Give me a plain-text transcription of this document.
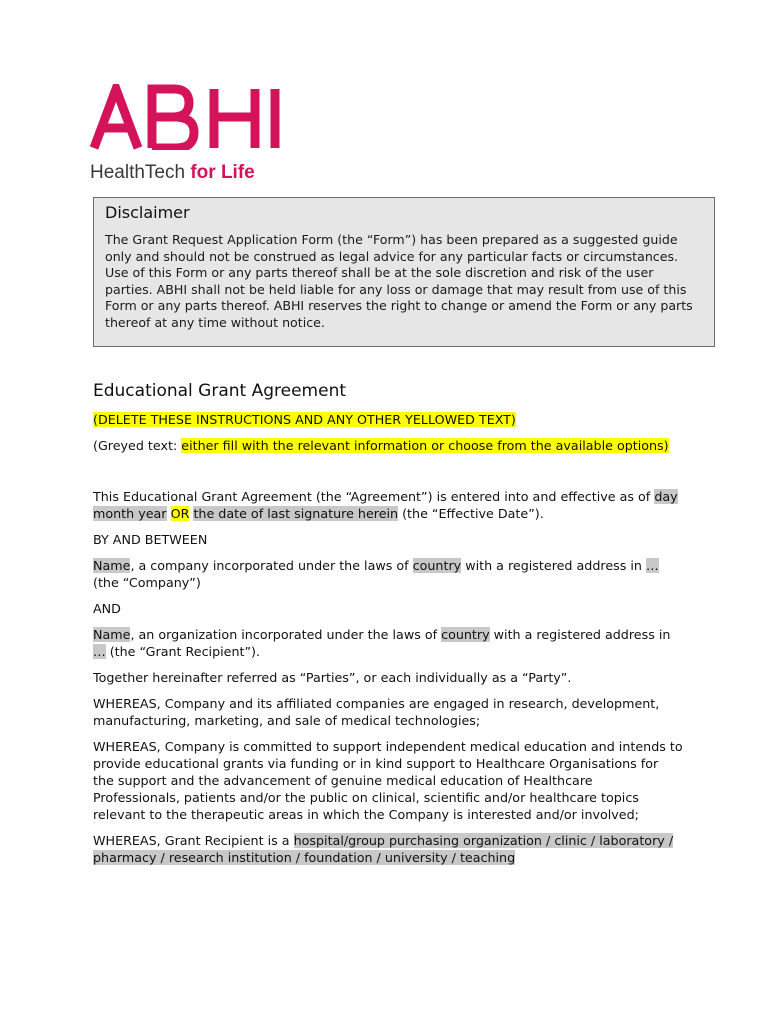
HealthTech for Life
Disclaimer

The Grant Request Application Form (the “Form”) has been prepared as a suggested guide only and should not be construed as legal advice for any particular facts or circumstances. Use of this Form or any parts thereof shall be at the sole discretion and risk of the user parties. ABHI shall not be held liable for any loss or damage that may result from use of this Form or any parts thereof. ABHI reserves the right to change or amend the Form or any parts thereof at any time without notice.

Educational Grant Agreement

(DELETE THESE INSTRUCTIONS AND ANY OTHER YELLOWED TEXT)

(Greyed text: either fill with the relevant information or choose from the available options)

This Educational Grant Agreement (the “Agreement”) is entered into and effective as of day month year OR the date of last signature herein (the “Effective Date”).

BY AND BETWEEN

Name, a company incorporated under the laws of country with a registered address in … (the “Company”)

AND

Name, an organization incorporated under the laws of country with a registered address in … (the “Grant Recipient”).

Together hereinafter referred as “Parties”, or each individually as a “Party”.

WHEREAS, Company and its affiliated companies are engaged in research, development, manufacturing, marketing, and sale of medical technologies;

WHEREAS, Company is committed to support independent medical education and intends to provide educational grants via funding or in kind support to Healthcare Organisations for the support and the advancement of genuine medical education of Healthcare Professionals, patients and/or the public on clinical, scientific and/or healthcare topics relevant to the therapeutic areas in which the Company is interested and/or involved;

WHEREAS, Grant Recipient is a hospital/group purchasing organization / clinic / laboratory / pharmacy / research institution / foundation / university / teaching
